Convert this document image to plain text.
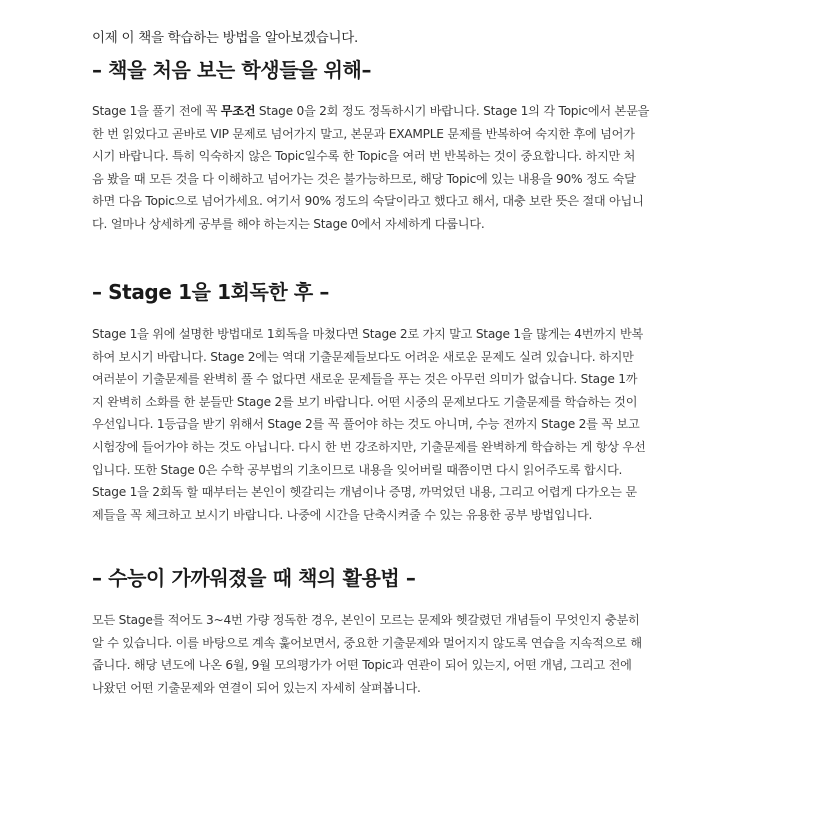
이제 이 책을 학습하는 방법을 알아보겠습니다.
– 책을 처음 보는 학생들을 위해–

Stage 1을 풀기 전에 꼭 무조건 Stage 0을 2회 정도 정독하시기 바랍니다. Stage 1의 각 Topic에서 본문을
한 번 읽었다고 곧바로 VIP 문제로 넘어가지 말고, 본문과 EXAMPLE 문제를 반복하여 숙지한 후에 넘어가
시기 바랍니다. 특히 익숙하지 않은 Topic일수록 한 Topic을 여러 번 반복하는 것이 중요합니다. 하지만 처
음 봤을 때 모든 것을 다 이해하고 넘어가는 것은 불가능하므로, 해당 Topic에 있는 내용을 90% 정도 숙달
하면 다음 Topic으로 넘어가세요. 여기서 90% 정도의 숙달이라고 했다고 해서, 대충 보란 뜻은 절대 아닙니
다. 얼마나 상세하게 공부를 해야 하는지는 Stage 0에서 자세하게 다룹니다.

– Stage 1을 1회독한 후 –

Stage 1을 위에 설명한 방법대로 1회독을 마쳤다면 Stage 2로 가지 말고 Stage 1을 많게는 4번까지 반복
하여 보시기 바랍니다. Stage 2에는 역대 기출문제들보다도 어려운 새로운 문제도 실려 있습니다. 하지만
여러분이 기출문제를 완벽히 풀 수 없다면 새로운 문제들을 푸는 것은 아무런 의미가 없습니다. Stage 1까
지 완벽히 소화를 한 분들만 Stage 2를 보기 바랍니다. 어떤 시중의 문제보다도 기출문제를 학습하는 것이
우선입니다. 1등급을 받기 위해서 Stage 2를 꼭 풀어야 하는 것도 아니며, 수능 전까지 Stage 2를 꼭 보고
시험장에 들어가야 하는 것도 아닙니다. 다시 한 번 강조하지만, 기출문제를 완벽하게 학습하는 게 항상 우선
입니다. 또한 Stage 0은 수학 공부법의 기초이므로 내용을 잊어버릴 때쯤이면 다시 읽어주도록 합시다.
Stage 1을 2회독 할 때부터는 본인이 헷갈리는 개념이나 증명, 까먹었던 내용, 그리고 어렵게 다가오는 문
제들을 꼭 체크하고 보시기 바랍니다. 나중에 시간을 단축시켜줄 수 있는 유용한 공부 방법입니다.

– 수능이 가까워졌을 때 책의 활용법 –

모든 Stage를 적어도 3~4번 가량 정독한 경우, 본인이 모르는 문제와 헷갈렸던 개념들이 무엇인지 충분히
알 수 있습니다. 이를 바탕으로 계속 훑어보면서, 중요한 기출문제와 멀어지지 않도록 연습을 지속적으로 해
줍니다. 해당 년도에 나온 6월, 9월 모의평가가 어떤 Topic과 연관이 되어 있는지, 어떤 개념, 그리고 전에
나왔던 어떤 기출문제와 연결이 되어 있는지 자세히 살펴봅니다.
